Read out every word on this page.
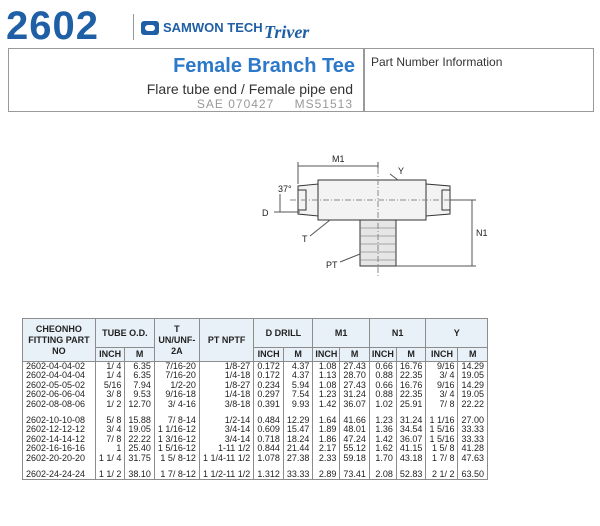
2602	SAMWON TECH Triver
Female Branch Tee
Flare tube end / Female pipe end
SAE 070427 MS51513
Part Number Information
M1
Y
D
37°
T
PT
N1
CHEONHO FITTING PART NO	TUBE O.D.		T UN/UNF-2A	PT NPTF	D DRILL		M1		N1		Y	
	INCH	M			INCH	M	INCH	M	INCH	M	INCH	M
2602-04-04-02	1/ 4	6.35	7/16-20	1/8-27	0.172	4.37	1.08	27.43	0.66	16.76	9/16	14.29
2602-04-04-04	1/ 4	6.35	7/16-20	1/4-18	0.172	4.37	1.13	28.70	0.88	22.35	3/ 4	19.05
2602-05-05-02	5/16	7.94	1/2-20	1/8-27	0.234	5.94	1.08	27.43	0.66	16.76	9/16	14.29
2602-06-06-04	3/ 8	9.53	9/16-18	1/4-18	0.297	7.54	1.23	31.24	0.88	22.35	3/ 4	19.05
2602-08-08-06	1/ 2	12.70	3/ 4-16	3/8-18	0.391	9.93	1.42	36.07	1.02	25.91	7/ 8	22.22

2602-10-10-08	5/ 8	15.88	7/ 8-14	1/2-14	0.484	12.29	1.64	41.66	1.23	31.24	1 1/16	27.00
2602-12-12-12	3/ 4	19.05	1 1/16-12	3/4-14	0.609	15.47	1.89	48.01	1.36	34.54	1 5/16	33.33
2602-14-14-12	7/ 8	22.22	1 3/16-12	3/4-14	0.718	18.24	1.86	47.24	1.42	36.07	1 5/16	33.33
2602-16-16-16	1	25.40	1 5/16-12	1-11 1/2	0.844	21.44	2.17	55.12	1.62	41.15	1 5/ 8	41.28
2602-20-20-20	1 1/ 4	31.75	1 5/ 8-12	1 1/4-11 1/2	1.078	27.38	2.33	59.18	1.70	43.18	1 7/ 8	47.63

2602-24-24-24	1 1/ 2	38.10	1 7/ 8-12	1 1/2-11 1/2	1.312	33.33	2.89	73.41	2.08	52.83	2 1/ 2	63.50
